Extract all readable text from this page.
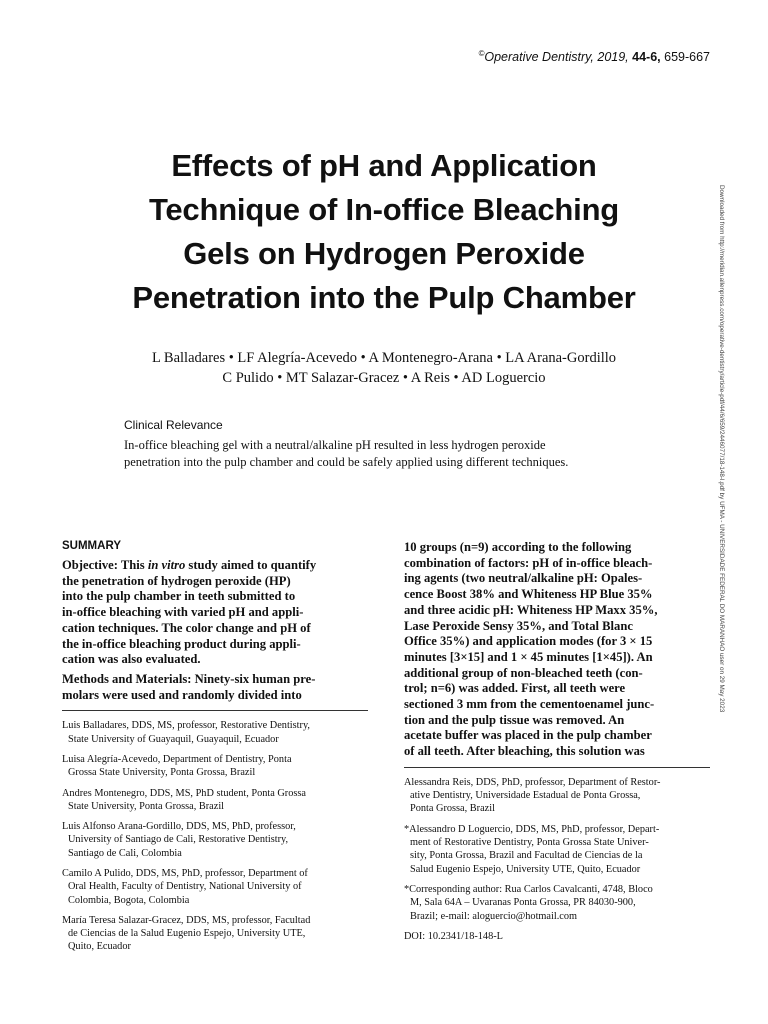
©Operative Dentistry, 2019, 44-6, 659-667
Effects of pH and Application
Technique of In-office Bleaching
Gels on Hydrogen Peroxide
Penetration into the Pulp Chamber
L Balladares • LF Alegría-Acevedo • A Montenegro-Arana • LA Arana-Gordillo
C Pulido • MT Salazar-Gracez • A Reis • AD Loguercio
Clinical Relevance
In-office bleaching gel with a neutral/alkaline pH resulted in less hydrogen peroxide
penetration into the pulp chamber and could be safely applied using different techniques.	Downloaded from http://meridian.allenpress.com/operative-dentistry/article-pdf/44/6/659/2446077/18-148-l.pdf by UFMA - UNIVERSIDADE FEDERAL DO MARANHAO user on 29 May 2023
SUMMARY
Objective: This in vitro study aimed to quantify
the penetration of hydrogen peroxide (HP)
into the pulp chamber in teeth submitted to
in-office bleaching with varied pH and appli-
cation techniques. The color change and pH of
the in-office bleaching product during appli-
cation was also evaluated.
Methods and Materials: Ninety-six human pre-
molars were used and randomly divided into
Luis Balladares, DDS, MS, professor, Restorative Dentistry,
State University of Guayaquil, Guayaquil, Ecuador
Luisa Alegría-Acevedo, Department of Dentistry, Ponta
Grossa State University, Ponta Grossa, Brazil
Andres Montenegro, DDS, MS, PhD student, Ponta Grossa
State University, Ponta Grossa, Brazil
Luis Alfonso Arana-Gordillo, DDS, MS, PhD, professor,
University of Santiago de Cali, Restorative Dentistry,
Santiago de Cali, Colombia
Camilo A Pulido, DDS, MS, PhD, professor, Department of
Oral Health, Faculty of Dentistry, National University of
Colombia, Bogota, Colombia
María Teresa Salazar-Gracez, DDS, MS, professor, Facultad
de Ciencias de la Salud Eugenio Espejo, University UTE,
Quito, Ecuador
10 groups (n=9) according to the following
combination of factors: pH of in-office bleach-
ing agents (two neutral/alkaline pH: Opales-
cence Boost 38% and Whiteness HP Blue 35%
and three acidic pH: Whiteness HP Maxx 35%,
Lase Peroxide Sensy 35%, and Total Blanc
Office 35%) and application modes (for 3 × 15
minutes [3×15] and 1 × 45 minutes [1×45]). An
additional group of non-bleached teeth (con-
trol; n=6) was added. First, all teeth were
sectioned 3 mm from the cementoenamel junc-
tion and the pulp tissue was removed. An
acetate buffer was placed in the pulp chamber
of all teeth. After bleaching, this solution was
Alessandra Reis, DDS, PhD, professor, Department of Restor-
ative Dentistry, Universidade Estadual de Ponta Grossa,
Ponta Grossa, Brazil
*Alessandro D Loguercio, DDS, MS, PhD, professor, Depart-
ment of Restorative Dentistry, Ponta Grossa State Univer-
sity, Ponta Grossa, Brazil and Facultad de Ciencias de la
Salud Eugenio Espejo, University UTE, Quito, Ecuador
*Corresponding author: Rua Carlos Cavalcanti, 4748, Bloco
M, Sala 64A – Uvaranas Ponta Grossa, PR 84030-900,
Brazil; e-mail: aloguercio@hotmail.com
DOI: 10.2341/18-148-L
